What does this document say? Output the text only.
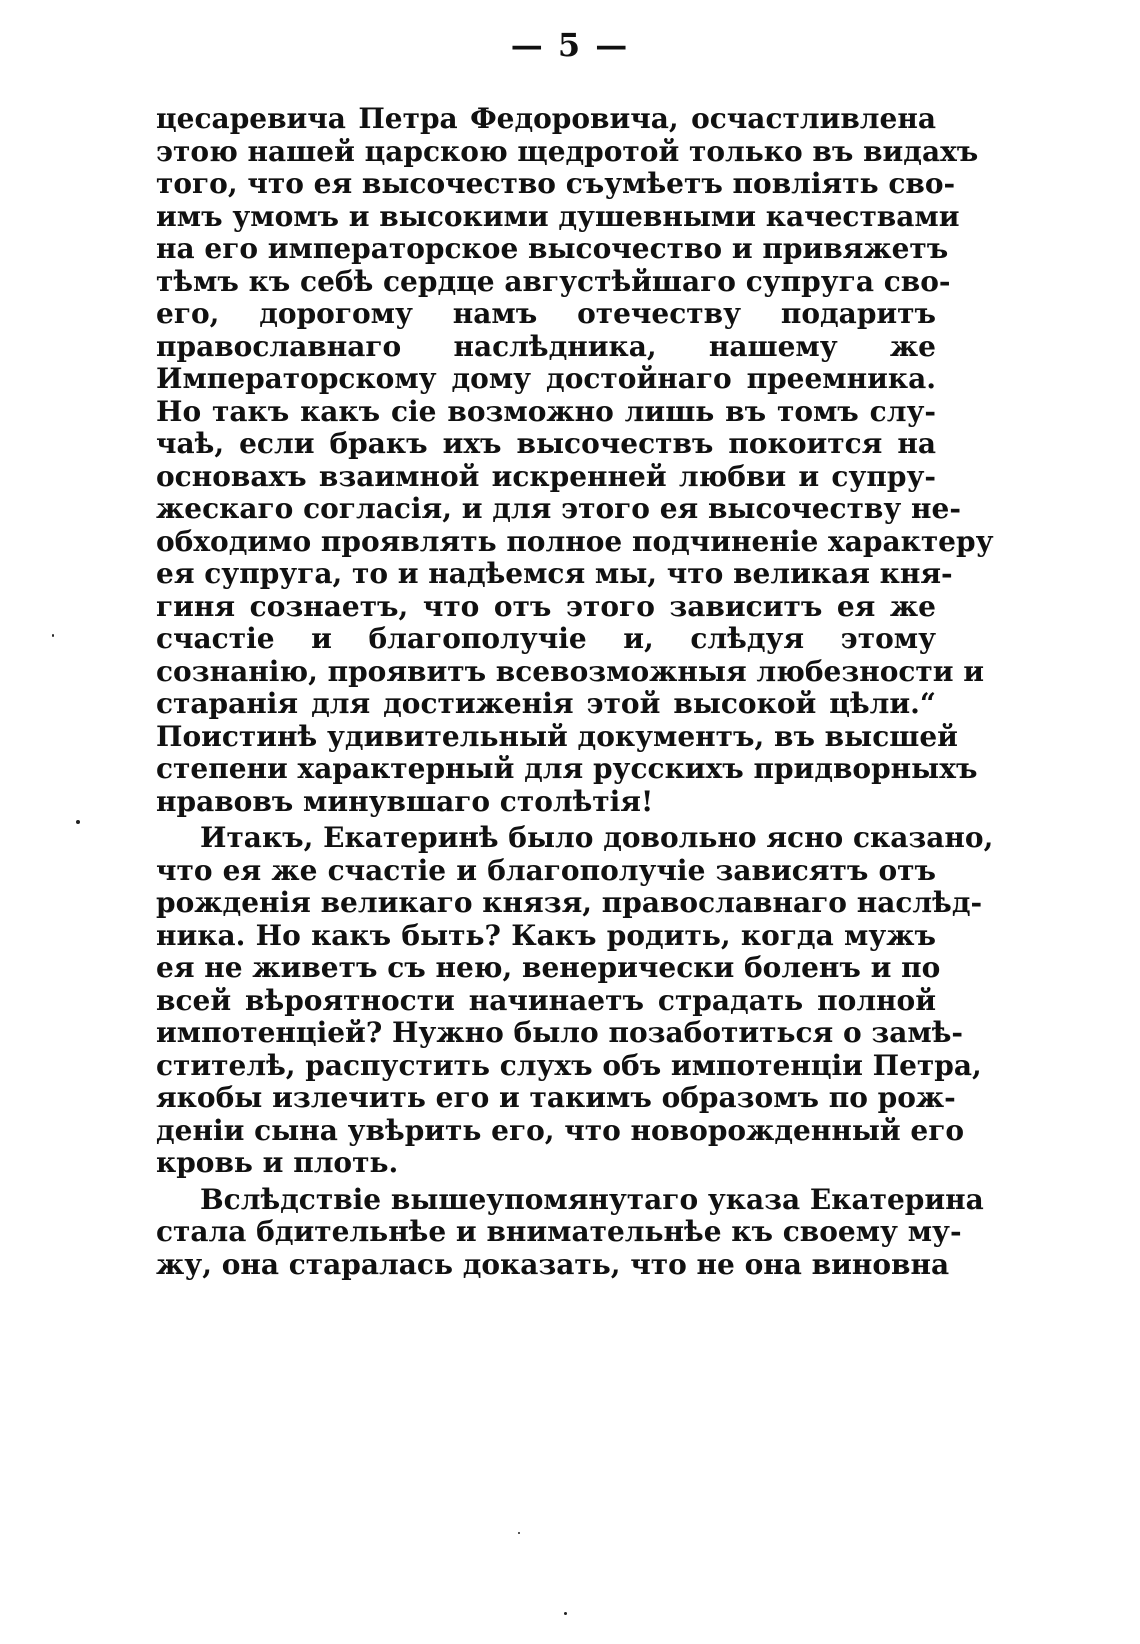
— 5 —
цесаревича Петра Федоровича, осчастливлена
этою нашей царскою щедротой только въ видахъ
того, что ея высочество съумѣетъ повлiять сво-
имъ умомъ и высокими душевными качествами
на его императорское высочество и привяжетъ
тѣмъ къ себѣ сердце августѣйшаго супруга сво-
его, дорогому намъ отечеству подаритъ
православнаго наслѣдника, нашему же
Императорскому дому достойнаго преемника.
Но такъ какъ сiе возможно лишь въ томъ слу-
чаѣ, если бракъ ихъ высочествъ покоится на
основахъ взаимной искренней любви и супру-
жескаго согласiя, и для этого ея высочеству не-
обходимо проявлять полное подчиненiе характеру
ея супруга, то и надѣемся мы, что великая кня-
гиня сознаетъ, что отъ этого зависитъ ея же
счастiе и благополучiе и, слѣдуя этому
сознанiю, проявитъ всевозможныя любезности и
старанiя для достиженiя этой высокой цѣли.“
Поистинѣ удивительный документъ, въ высшей
степени характерный для русскихъ придворныхъ
нравовъ минувшаго столѣтiя!
Итакъ, Екатеринѣ было довольно ясно сказано,
что ея же счастiе и благополучiе зависятъ отъ
рожденiя великаго князя, православнаго наслѣд-
ника. Но какъ быть? Какъ родить, когда мужъ
ея не живетъ съ нею, венерически боленъ и по
всей вѣроятности начинаетъ страдать полной
импотенцiей? Нужно было позаботиться о замѣ-
стителѣ, распустить слухъ объ импотенцiи Петра,
якобы излечить его и такимъ образомъ по рож-
денiи сына увѣрить его, что новорожденный его
кровь и плоть.
Вслѣдствiе вышеупомянутаго указа Екатерина
стала бдительнѣе и внимательнѣе къ своему му-
жу, она старалась доказать, что не она виновна
